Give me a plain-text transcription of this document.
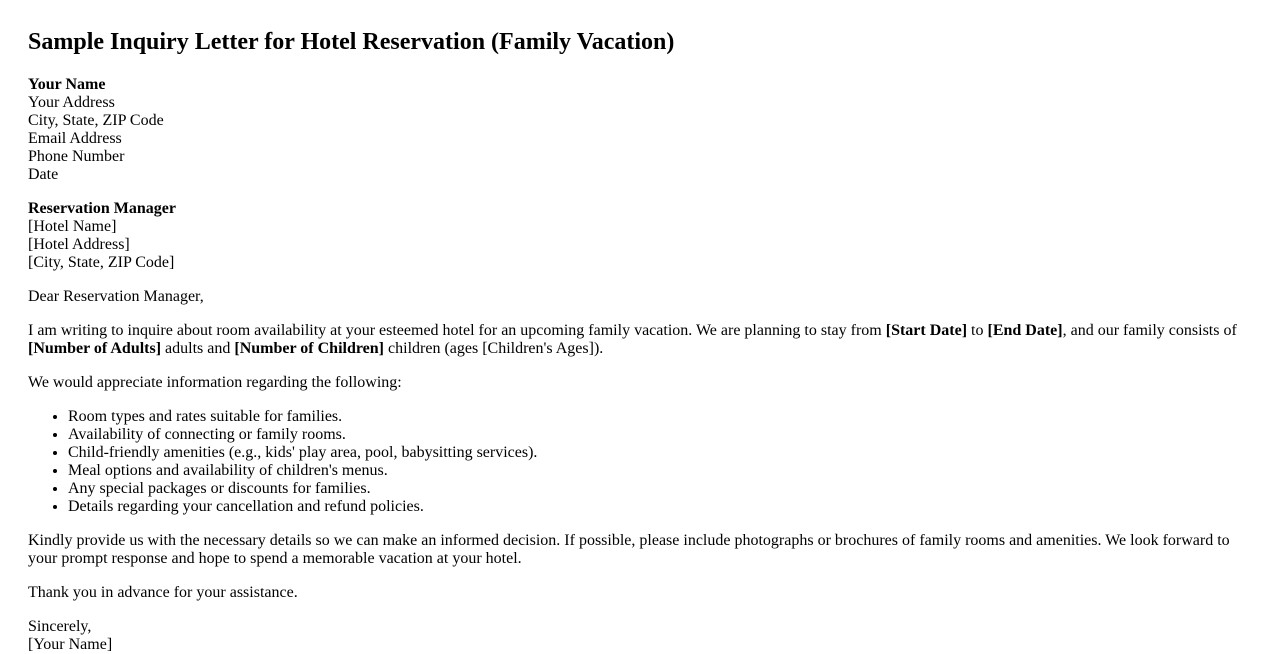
Sample Inquiry Letter for Hotel Reservation (Family Vacation)

Your Name
Your Address
City, State, ZIP Code
Email Address
Phone Number
Date

Reservation Manager
[Hotel Name]
[Hotel Address]
[City, State, ZIP Code]

Dear Reservation Manager,

I am writing to inquire about room availability at your esteemed hotel for an upcoming family vacation. We are planning to stay from [Start Date] to [End Date], and our family consists of [Number of Adults] adults and [Number of Children] children (ages [Children's Ages]).

We would appreciate information regarding the following:

• Room types and rates suitable for families.
• Availability of connecting or family rooms.
• Child-friendly amenities (e.g., kids' play area, pool, babysitting services).
• Meal options and availability of children's menus.
• Any special packages or discounts for families.
• Details regarding your cancellation and refund policies.

Kindly provide us with the necessary details so we can make an informed decision. If possible, please include photographs or brochures of family rooms and amenities. We look forward to your prompt response and hope to spend a memorable vacation at your hotel.

Thank you in advance for your assistance.

Sincerely,
[Your Name]
